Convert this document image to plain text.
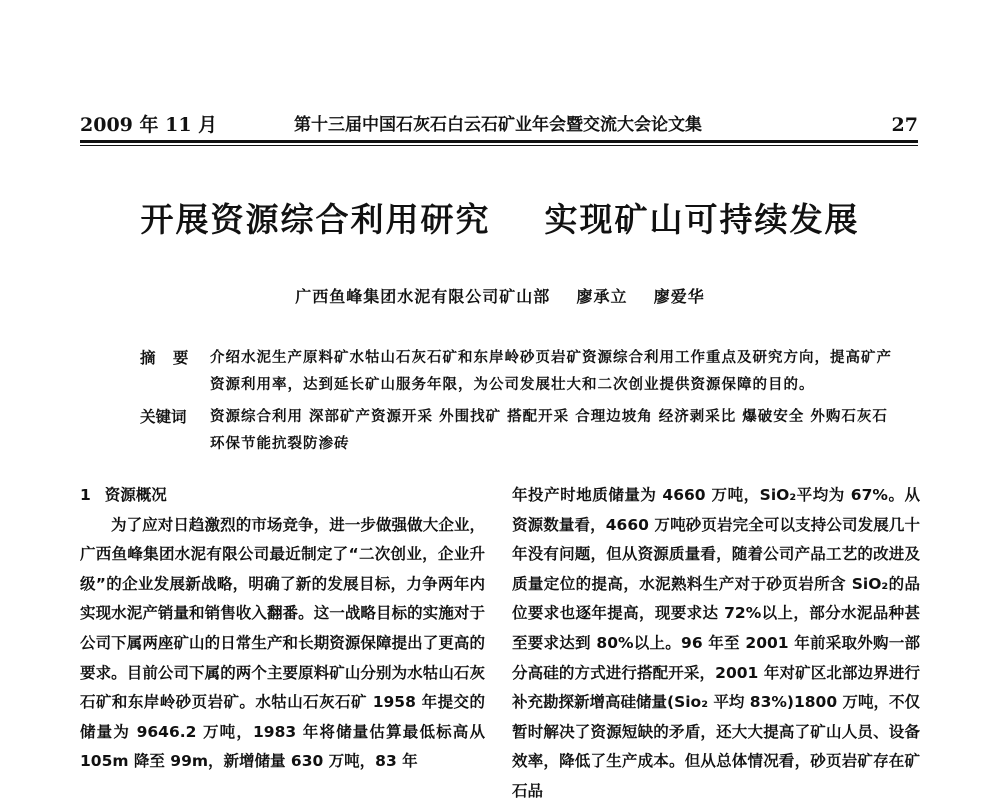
2009 年 11 月	第十三届中国石灰石白云石矿业年会暨交流大会论文集	27
开展资源综合利用研究    实现矿山可持续发展
广西鱼峰集团水泥有限公司矿山部    廖承立    廖爱华
摘 要 介绍水泥生产原料矿水牯山石灰石矿和东岸岭砂页岩矿资源综合利用工作重点及研究方向，提高矿产资源利用率，达到延长矿山服务年限，为公司发展壮大和二次创业提供资源保障的目的。
关键词 资源综合利用 深部矿产资源开采 外围找矿 搭配开采 合理边坡角 经济剥采比 爆破安全 外购石灰石 环保节能抗裂防渗砖
1 资源概况

为了应对日趋激烈的市场竞争，进一步做强做大企业，广西鱼峰集团水泥有限公司最近制定了“二次创业，企业升级”的企业发展新战略，明确了新的发展目标，力争两年内实现水泥产销量和销售收入翻番。这一战略目标的实施对于公司下属两座矿山的日常生产和长期资源保障提出了更高的要求。目前公司下属的两个主要原料矿山分别为水牯山石灰石矿和东岸岭砂页岩矿。水牯山石灰石矿 1958 年提交的储量为 9646.2 万吨，1983 年将储量估算最低标高从 105m 降至 99m，新增储量 630 万吨，83 年

年投产时地质储量为 4660 万吨，SiO₂平均为 67%。从资源数量看，4660 万吨砂页岩完全可以支持公司发展几十年没有问题，但从资源质量看，随着公司产品工艺的改进及质量定位的提高，水泥熟料生产对于砂页岩所含 SiO₂的品位要求也逐年提高，现要求达 72%以上，部分水泥品种甚至要求达到 80%以上。96 年至 2001 年前采取外购一部分高硅的方式进行搭配开采，2001 年对矿区北部边界进行补充勘探新增高硅储量(Sio₂ 平均 83%)1800 万吨，不仅暂时解决了资源短缺的矛盾，还大大提高了矿山人员、设备效率，降低了生产成本。但从总体情况看，砂页岩矿存在矿石品
